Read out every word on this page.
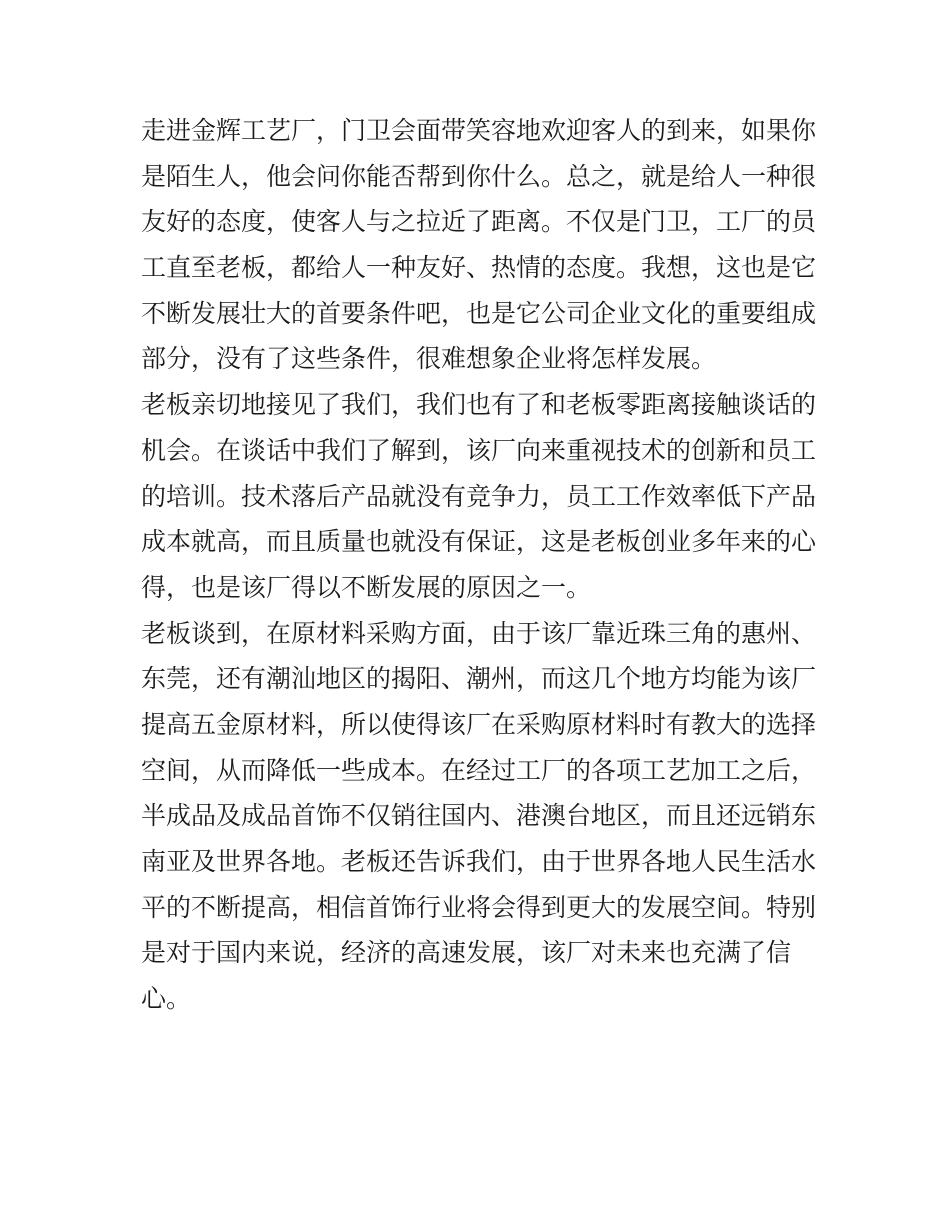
走进金辉工艺厂，门卫会面带笑容地欢迎客人的到来，如果你
是陌生人，他会问你能否帮到你什么。总之，就是给人一种很
友好的态度，使客人与之拉近了距离。不仅是门卫，工厂的员
工直至老板，都给人一种友好、热情的态度。我想，这也是它
不断发展壮大的首要条件吧，也是它公司企业文化的重要组成
部分，没有了这些条件，很难想象企业将怎样发展。
老板亲切地接见了我们，我们也有了和老板零距离接触谈话的
机会。在谈话中我们了解到，该厂向来重视技术的创新和员工
的培训。技术落后产品就没有竞争力，员工工作效率低下产品
成本就高，而且质量也就没有保证，这是老板创业多年来的心
得，也是该厂得以不断发展的原因之一。
老板谈到，在原材料采购方面，由于该厂靠近珠三角的惠州、
东莞，还有潮汕地区的揭阳、潮州，而这几个地方均能为该厂
提高五金原材料，所以使得该厂在采购原材料时有教大的选择
空间，从而降低一些成本。在经过工厂的各项工艺加工之后，
半成品及成品首饰不仅销往国内、港澳台地区，而且还远销东
南亚及世界各地。老板还告诉我们，由于世界各地人民生活水
平的不断提高，相信首饰行业将会得到更大的发展空间。特别
是对于国内来说，经济的高速发展，该厂对未来也充满了信
心。
